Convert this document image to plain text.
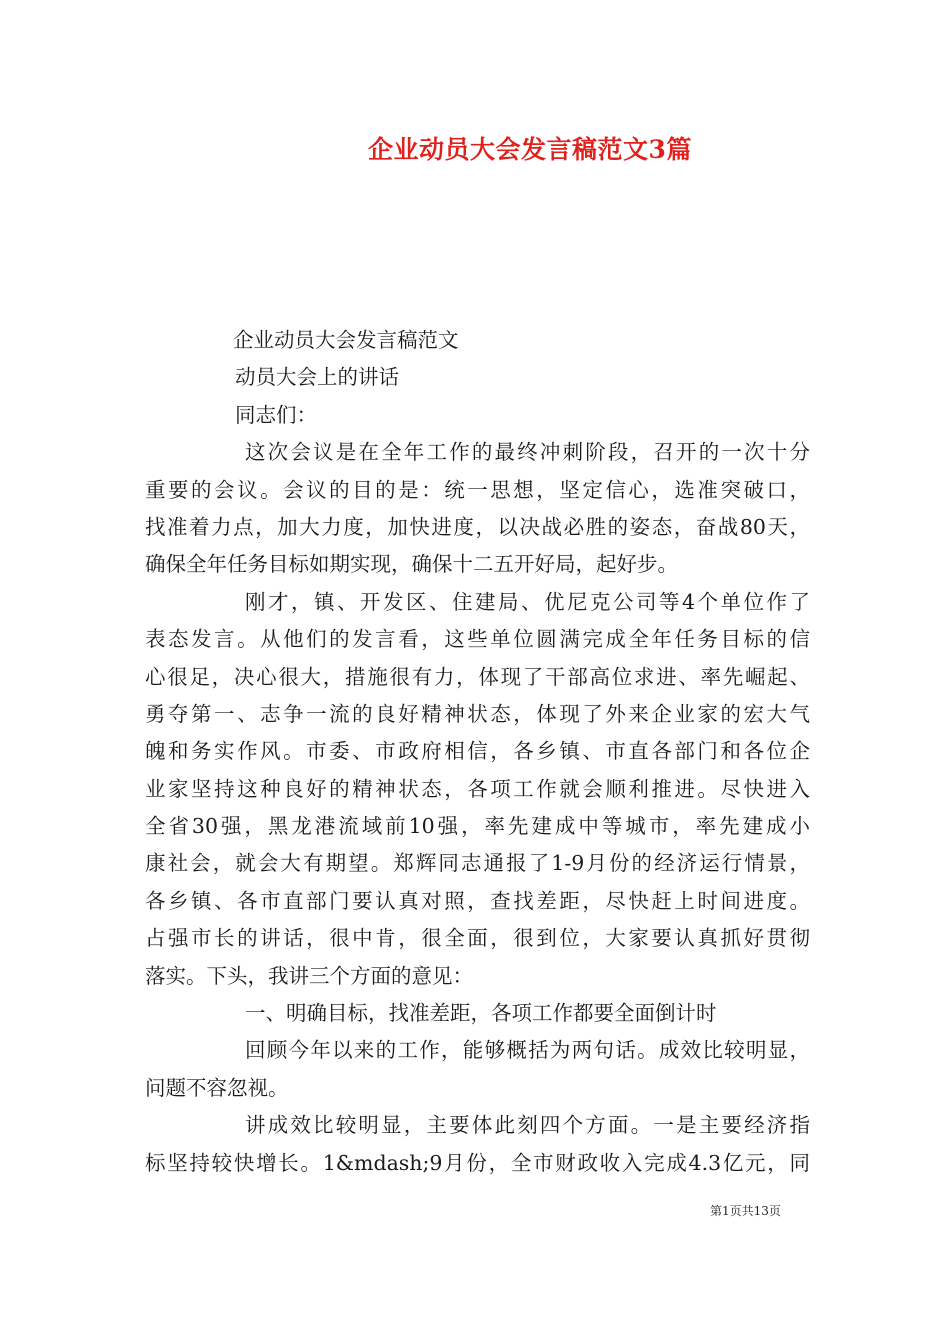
企业动员大会发言稿范文3篇
企业动员大会发言稿范文
动员大会上的讲话
同志们：
这次会议是在全年工作的最终冲刺阶段，召开的一次十分
重要的会议。会议的目的是：统一思想，坚定信心，选准突破口，
找准着力点，加大力度，加快进度，以决战必胜的姿态，奋战80天，
确保全年任务目标如期实现，确保十二五开好局，起好步。
刚才，镇、开发区、住建局、优尼克公司等4个单位作了
表态发言。从他们的发言看，这些单位圆满完成全年任务目标的信
心很足，决心很大，措施很有力，体现了干部高位求进、率先崛起、
勇夺第一、志争一流的良好精神状态，体现了外来企业家的宏大气
魄和务实作风。市委、市政府相信，各乡镇、市直各部门和各位企
业家坚持这种良好的精神状态，各项工作就会顺利推进。尽快进入
全省30强，黑龙港流域前10强，率先建成中等城市，率先建成小
康社会，就会大有期望。郑辉同志通报了1-9月份的经济运行情景，
各乡镇、各市直部门要认真对照，查找差距，尽快赶上时间进度。
占强市长的讲话，很中肯，很全面，很到位，大家要认真抓好贯彻
落实。下头，我讲三个方面的意见：
一、明确目标，找准差距，各项工作都要全面倒计时
回顾今年以来的工作，能够概括为两句话。成效比较明显，
问题不容忽视。
讲成效比较明显，主要体此刻四个方面。一是主要经济指
标坚持较快增长。1&mdash;9月份，全市财政收入完成4.3亿元，同
第1页共13页
